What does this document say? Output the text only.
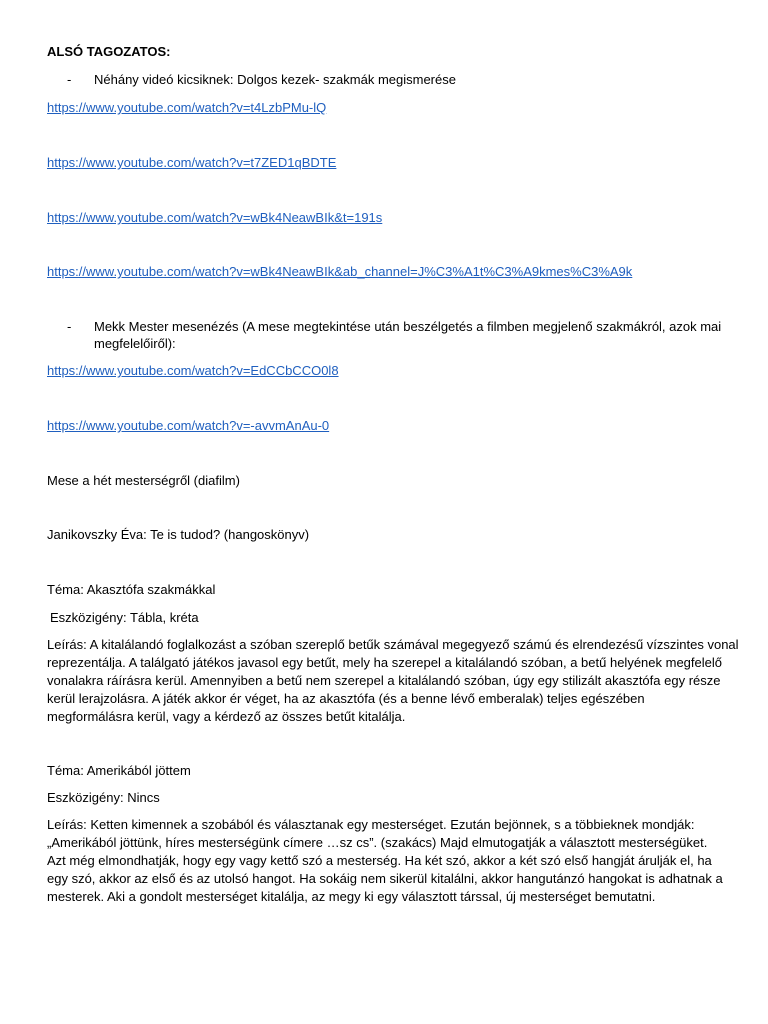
ALSÓ TAGOZATOS:
- Néhány videó kicsiknek: Dolgos kezek- szakmák megismerése
https://www.youtube.com/watch?v=t4LzbPMu-lQ
https://www.youtube.com/watch?v=t7ZED1qBDTE
https://www.youtube.com/watch?v=wBk4NeawBIk&t=191s
https://www.youtube.com/watch?v=wBk4NeawBIk&ab_channel=J%C3%A1t%C3%A9kmes%C3%A9k
- Mekk Mester mesenézés (A mese megtekintése után beszélgetés a filmben megjelenő szakmákról, azok mai
megfelelőiről):
https://www.youtube.com/watch?v=EdCCbCCO0l8
https://www.youtube.com/watch?v=-avvmAnAu-0
Mese a hét mesterségről (diafilm)
Janikovszky Éva: Te is tudod? (hangoskönyv)
Téma: Akasztófa szakmákkal
Eszközigény: Tábla, kréta
Leírás: A kitalálandó foglalkozást a szóban szereplő betűk számával megegyező számú és elrendezésű vízszintes vonal
reprezentálja. A találgató játékos javasol egy betűt, mely ha szerepel a kitalálandó szóban, a betű helyének megfelelő
vonalakra ráírásra kerül. Amennyiben a betű nem szerepel a kitalálandó szóban, úgy egy stilizált akasztófa egy része
kerül lerajzolásra. A játék akkor ér véget, ha az akasztófa (és a benne lévő emberalak) teljes egészében
megformálásra kerül, vagy a kérdező az összes betűt kitalálja.
Téma: Amerikából jöttem
Eszközigény: Nincs
Leírás: Ketten kimennek a szobából és választanak egy mesterséget. Ezután bejönnek, s a többieknek mondják:
„Amerikából jöttünk, híres mesterségünk címere …sz cs”. (szakács) Majd elmutogatják a választott mesterségüket.
Azt még elmondhatják, hogy egy vagy kettő szó a mesterség. Ha két szó, akkor a két szó első hangját árulják el, ha
egy szó, akkor az első és az utolsó hangot. Ha sokáig nem sikerül kitalálni, akkor hangutánzó hangokat is adhatnak a
mesterek. Aki a gondolt mesterséget kitalálja, az megy ki egy választott társsal, új mesterséget bemutatni.
